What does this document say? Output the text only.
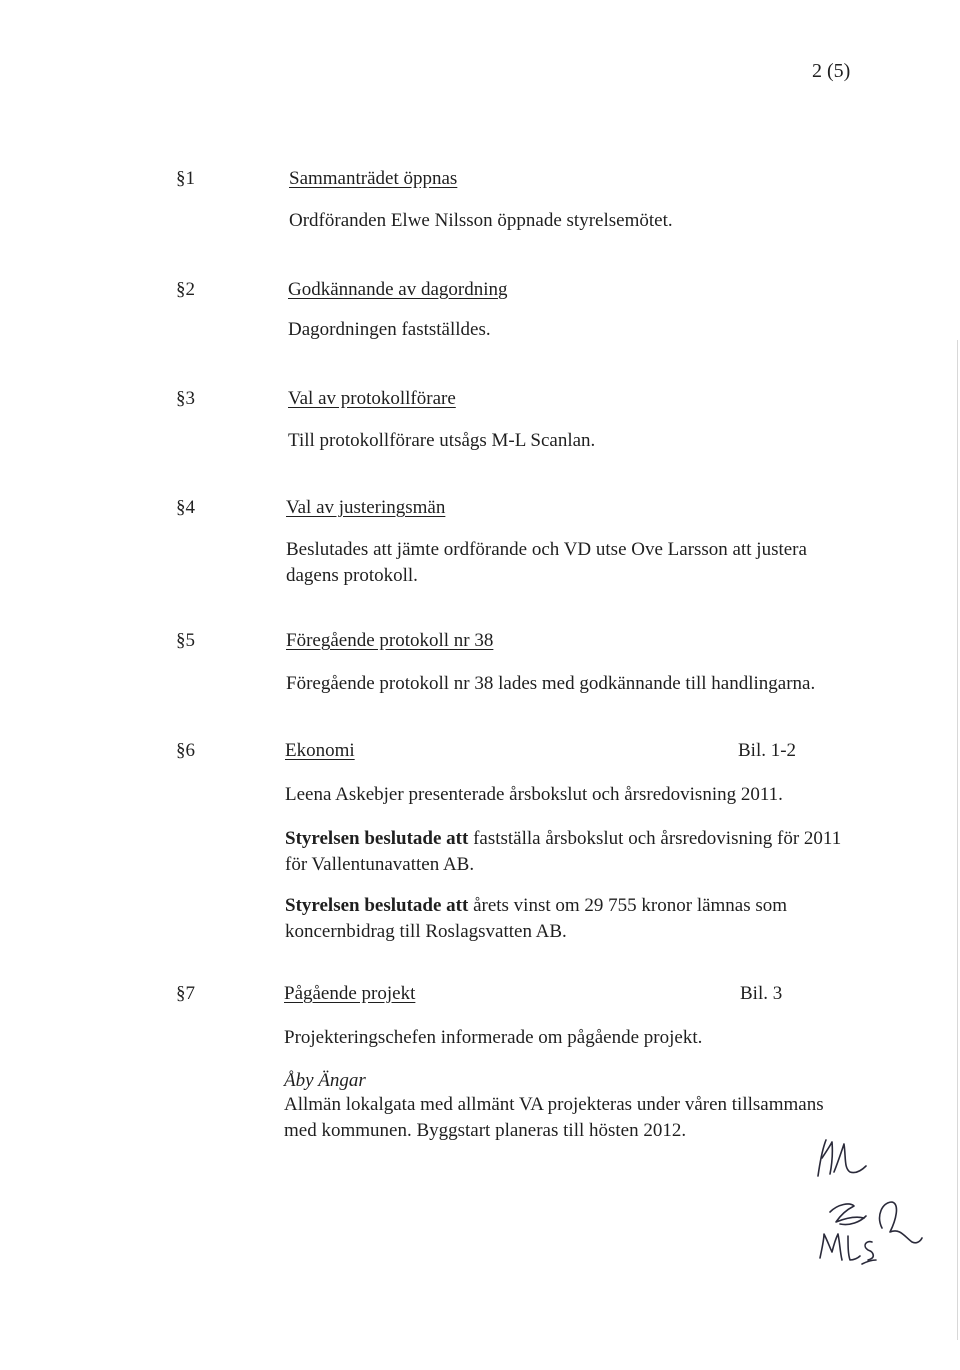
2 (5)
§1	Sammanträdet öppnas
Ordföranden Elwe Nilsson öppnade styrelsemötet.
§2	Godkännande av dagordning
Dagordningen fastställdes.
§3	Val av protokollförare
Till protokollförare utsågs M-L Scanlan.
§4	Val av justeringsmän
Beslutades att jämte ordförande och VD utse Ove Larsson att justera dagens protokoll.
§5	Föregående protokoll nr 38
Föregående protokoll nr 38 lades med godkännande till handlingarna.
§6	Ekonomi	Bil. 1-2
Leena Askebjer presenterade årsbokslut och årsredovisning 2011.
Styrelsen beslutade att fastställa årsbokslut och årsredovisning för 2011 för Vallentunavatten AB.
Styrelsen beslutade att årets vinst om 29 755 kronor lämnas som koncernbidrag till Roslagsvatten AB.
§7	Pågående projekt	Bil. 3
Projekteringschefen informerade om pågående projekt.
Åby Ängar
Allmän lokalgata med allmänt VA projekteras under våren tillsammans med kommunen. Byggstart planeras till hösten 2012.
